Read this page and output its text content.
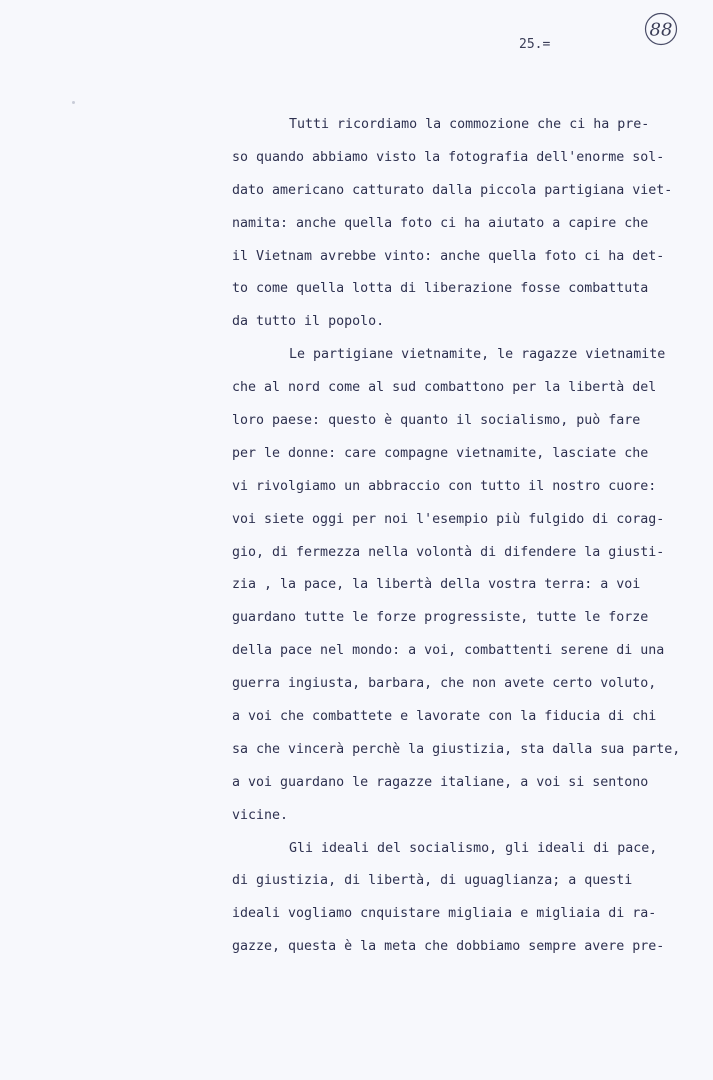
25.=
88
Tutti ricordiamo la commozione che ci ha pre-
so quando abbiamo visto la fotografia dell'enorme sol-
dato americano catturato dalla piccola partigiana viet-
namita: anche quella foto ci ha aiutato a capire che
il Vietnam avrebbe vinto: anche quella foto ci ha det-
to come quella lotta di liberazione fosse combattuta
da tutto il popolo.
Le partigiane vietnamite, le ragazze vietnamite
che al nord come al sud combattono per la libertà del
loro paese: questo è quanto il socialismo, può fare
per le donne: care compagne vietnamite, lasciate che
vi rivolgiamo un abbraccio con tutto il nostro cuore:
voi siete oggi per noi l'esempio più fulgido di corag-
gio, di fermezza nella volontà di difendere la giusti-
zia , la pace, la libertà della vostra terra: a voi
guardano tutte le forze progressiste, tutte le forze
della pace nel mondo: a voi, combattenti serene di una
guerra ingiusta, barbara, che non avete certo voluto,
a voi che combattete e lavorate con la fiducia di chi
sa che vincerà perchè la giustizia, sta dalla sua parte,
a voi guardano le ragazze italiane, a voi si sentono
vicine.
Gli ideali del socialismo, gli ideali di pace,
di giustizia, di libertà, di uguaglianza; a questi
ideali vogliamo cnquistare migliaia e migliaia di ra-
gazze, questa è la meta che dobbiamo sempre avere pre-
